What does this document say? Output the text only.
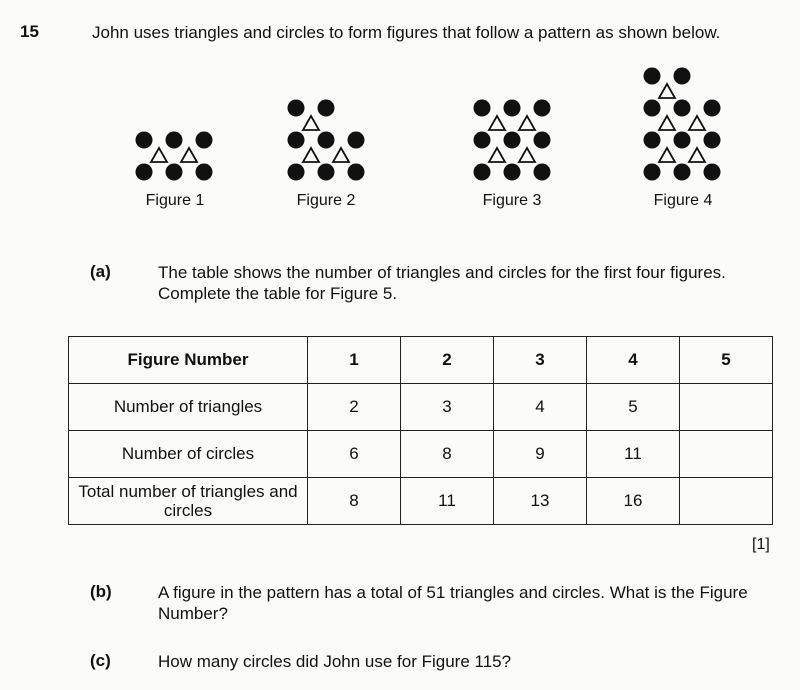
15	John uses triangles and circles to form figures that follow a pattern as shown below.
Figure 1	Figure 2	Figure 3	Figure 4
(a)	The table shows the number of triangles and circles for the first four figures. Complete the table for Figure 5.
Figure Number	1	2	3	4	5
Number of triangles	2	3	4	5	
Number of circles	6	8	9	11	
Total number of triangles and circles	8	11	13	16	
[1]
(b)	A figure in the pattern has a total of 51 triangles and circles. What is the Figure Number?
(c)	How many circles did John use for Figure 115?
